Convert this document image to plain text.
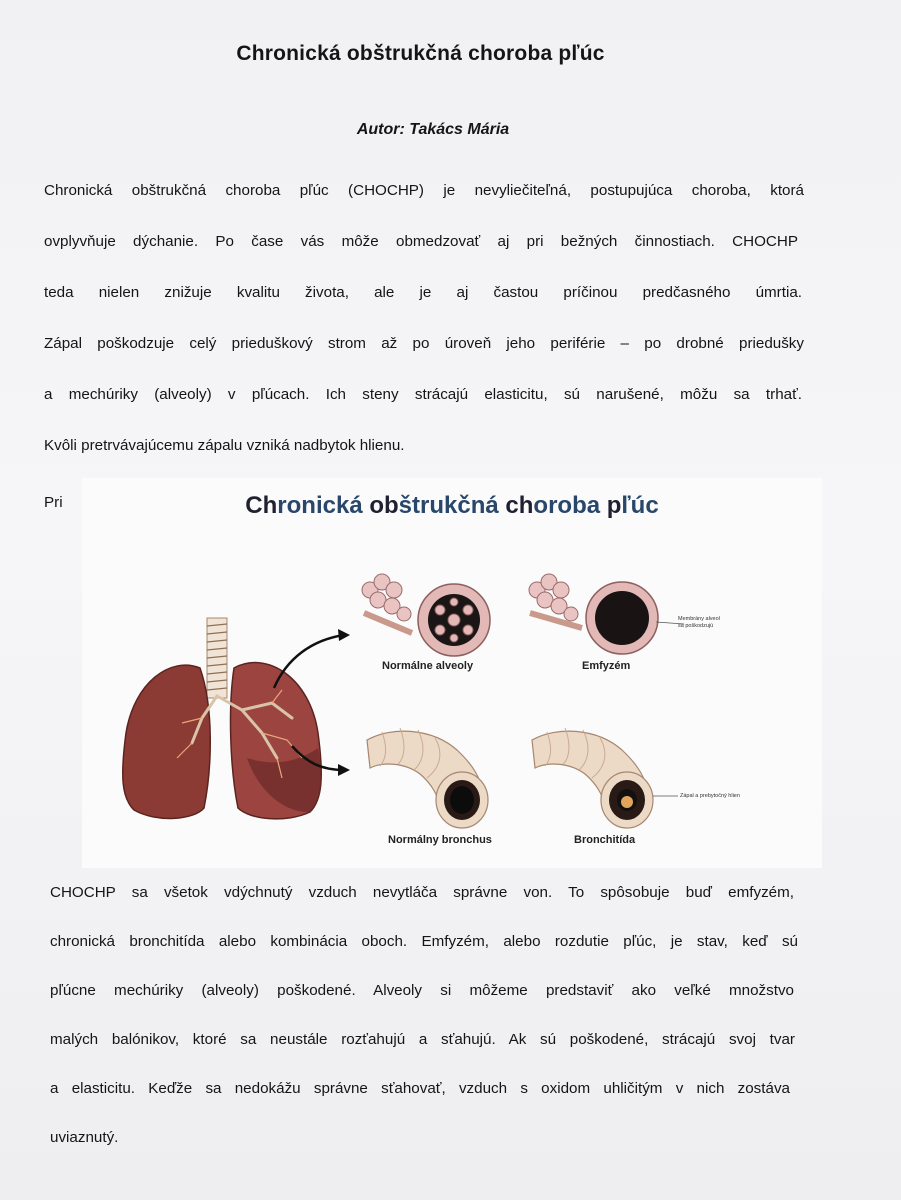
Chronická obštrukčná choroba pľúc
Autor: Takács Mária
Chronická obštrukčná choroba pľúc (CHOCHP) je nevyliečiteľná, postupujúca choroba, ktorá
ovplyvňuje dýchanie. Po čase vás môže obmedzovať aj pri bežných činnostiach. CHOCHP
teda nielen znižuje kvalitu života, ale je aj častou príčinou predčasného úmrtia.
Zápal poškodzuje celý prieduškový strom až po úroveň jeho periférie – po drobné priedušky
a mechúriky (alveoly) v pľúcach. Ich steny strácajú elasticitu, sú narušené, môžu sa trhať.
Kvôli pretrvávajúcemu zápalu vzniká nadbytok hlienu.
Pri	Chronická obštrukčná choroba pľúc
Normálne alveoly	Emfyzém
Normálny bronchus	Bronchitída
Membrány alveol sa poškodzujú
Zápal a prebytočný hlien
CHOCHP sa všetok vdýchnutý vzduch nevytláča správne von. To spôsobuje buď emfyzém,
chronická bronchitída alebo kombinácia oboch. Emfyzém, alebo rozdutie pľúc, je stav, keď sú
pľúcne mechúriky (alveoly) poškodené. Alveoly si môžeme predstaviť ako veľké množstvo
malých balónikov, ktoré sa neustále rozťahujú a sťahujú. Ak sú poškodené, strácajú svoj tvar
a elasticitu. Keďže sa nedokážu správne sťahovať, vzduch s oxidom uhličitým v nich zostáva
uviaznutý.
